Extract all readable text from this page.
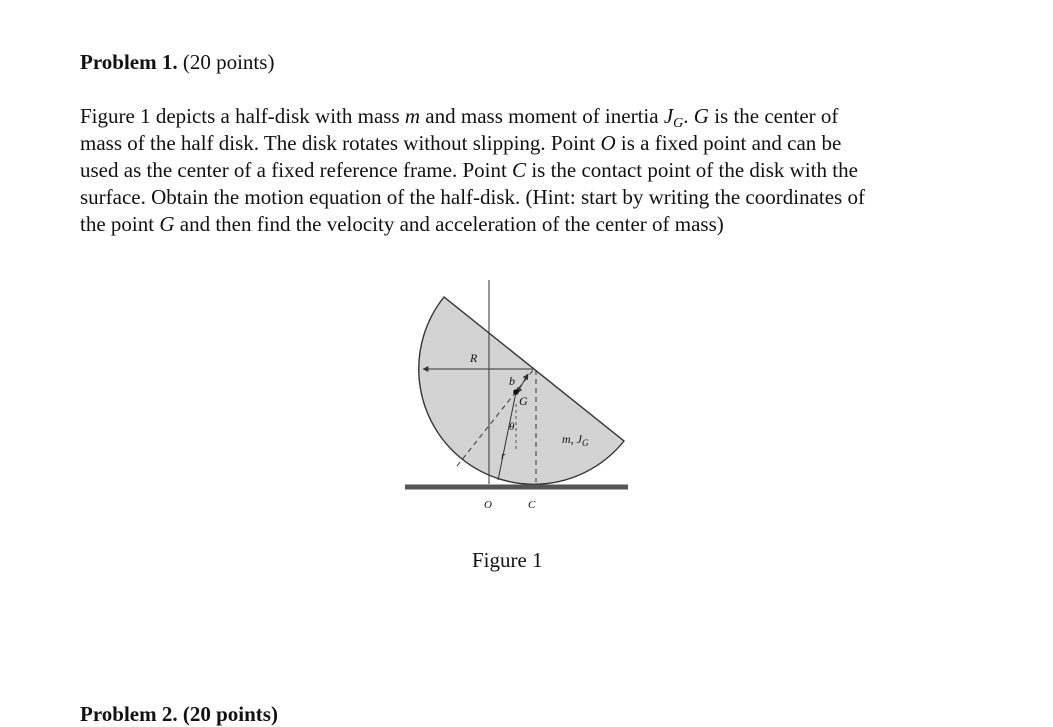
Problem 1. (20 points)
Figure 1 depicts a half-disk with mass m and mass moment of inertia $J_G$. G is the center of
mass of the half disk. The disk rotates without slipping. Point O is a fixed point and can be
used as the center of a fixed reference frame. Point C is the contact point of the disk with the
surface. Obtain the motion equation of the half-disk. (Hint: start by writing the coordinates of
the point G and then find the velocity and acceleration of the center of mass)
R
b
G
θ
r
m, $J_G$
O	C
Figure 1
Problem 2. (20 points)
